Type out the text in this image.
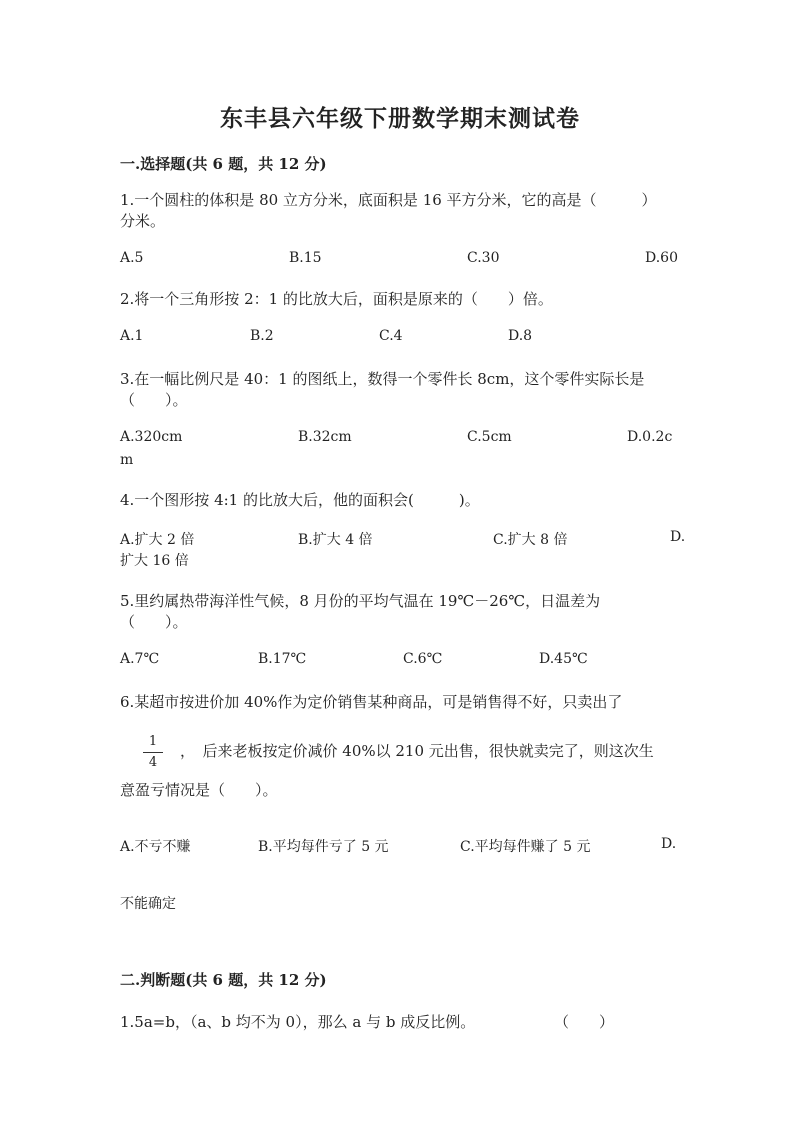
东丰县六年级下册数学期末测试卷
一.选择题(共 6 题，共 12 分)
1.一个圆柱的体积是 80 立方分米，底面积是 16 平方分米，它的高是（　　　）
分米。
A.5	B.15	C.30	D.60
2.将一个三角形按 2：1 的比放大后，面积是原来的（　　）倍。
A.1	B.2	C.4	D.8
3.在一幅比例尺是 40：1 的图纸上，数得一个零件长 8cm，这个零件实际长是
（　　）。
A.320cm	B.32cm	C.5cm	D.0.2c
m
4.一个图形按 4:1 的比放大后，他的面积会(　　　)。
A.扩大 2 倍	B.扩大 4 倍	C.扩大 8 倍	D.
扩大 16 倍
5.里约属热带海洋性气候，8 月份的平均气温在 19℃－26℃，日温差为
（　　）。
A.7℃	B.17℃	C.6℃	D.45℃
6.某超市按进价加 40%作为定价销售某种商品，可是销售得不好，只卖出了
1
4
，　后来老板按定价减价 40%以 210 元出售，很快就卖完了，则这次生
意盈亏情况是（　　）。
A.不亏不赚	B.平均每件亏了 5 元	C.平均每件赚了 5 元	D.
不能确定
二.判断题(共 6 题，共 12 分)
1.5a=b，（a、b 均不为 0），那么 a 与 b 成反比例。	（　　）
